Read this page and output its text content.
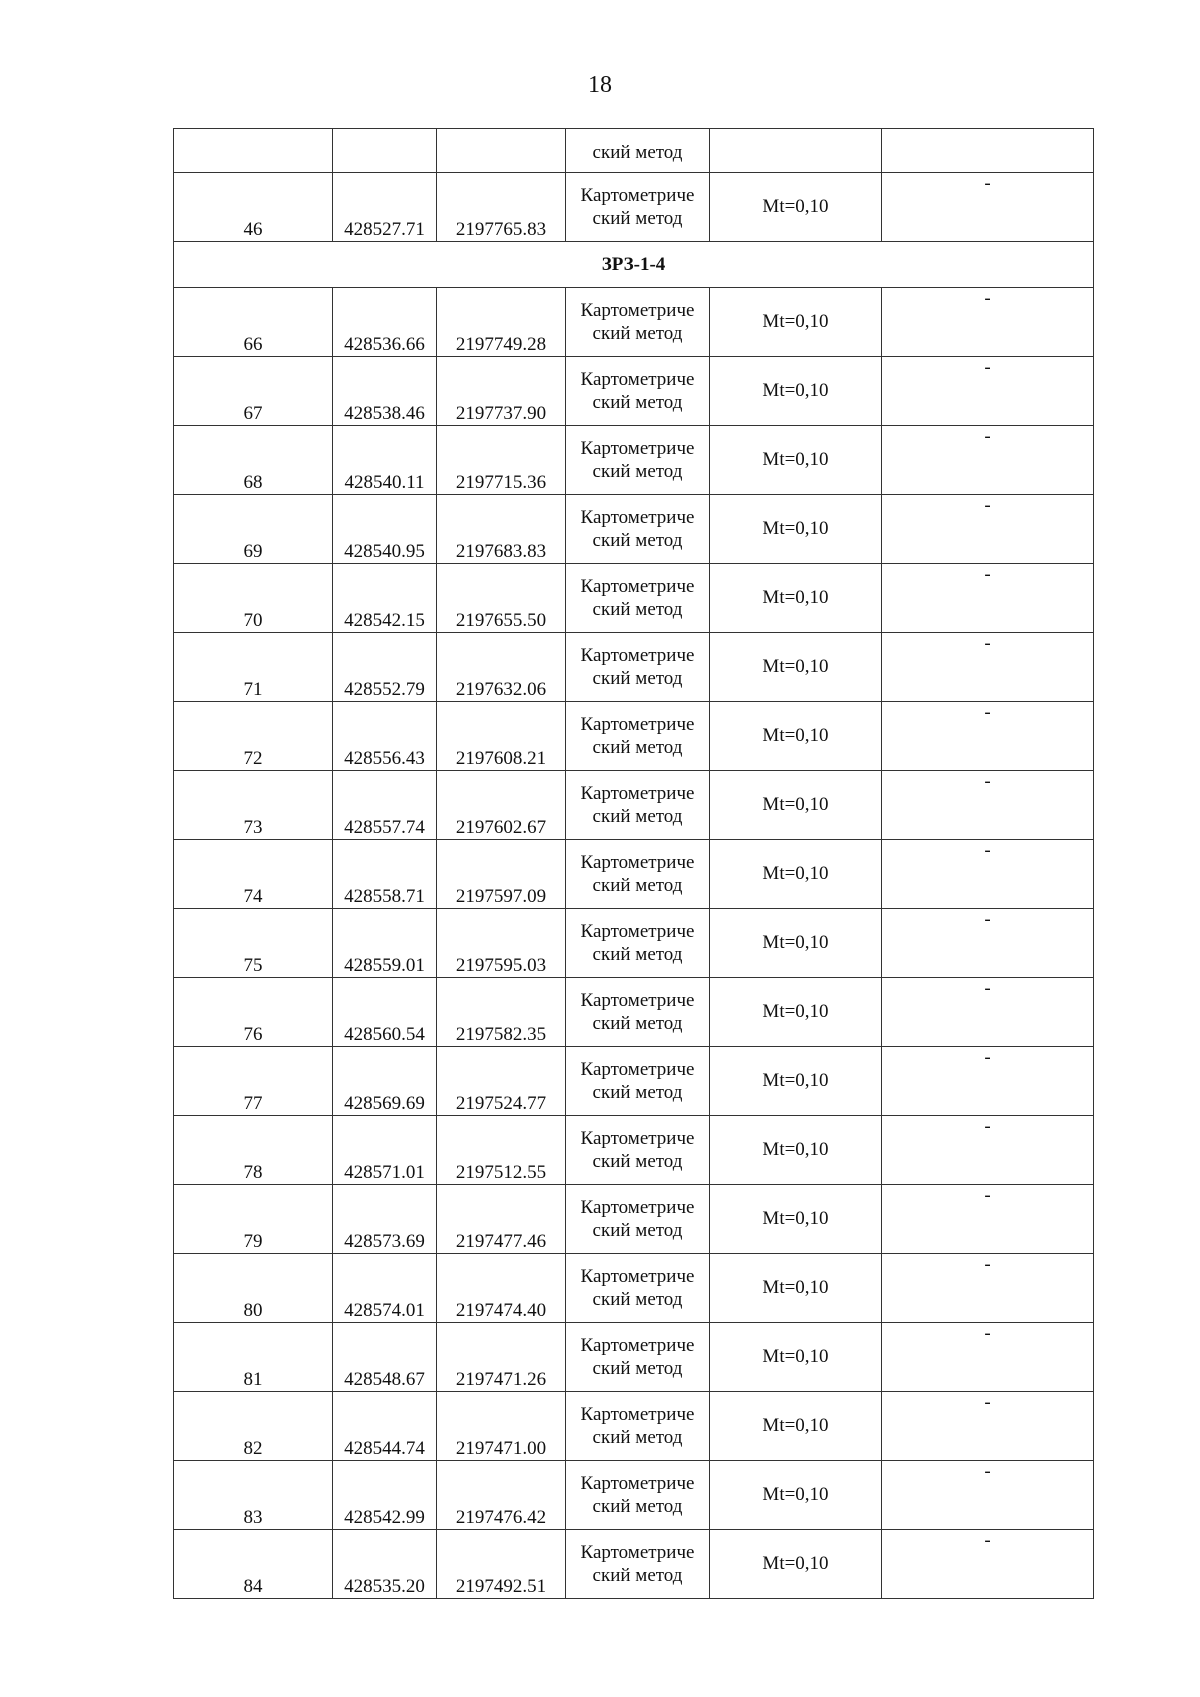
18

			ский метод		

46	428527.71	2197765.83	Картометриче
ский метод	Mt=0,10	-
ЗРЗ-1-4					
66	428536.66	2197749.28	Картометриче
ский метод	Mt=0,10	-
67	428538.46	2197737.90	Картометриче
ский метод	Mt=0,10	-
68	428540.11	2197715.36	Картометриче
ский метод	Mt=0,10	-
69	428540.95	2197683.83	Картометриче
ский метод	Mt=0,10	-
70	428542.15	2197655.50	Картометриче
ский метод	Mt=0,10	-
71	428552.79	2197632.06	Картометриче
ский метод	Mt=0,10	-
72	428556.43	2197608.21	Картометриче
ский метод	Mt=0,10	-
73	428557.74	2197602.67	Картометриче
ский метод	Mt=0,10	-
74	428558.71	2197597.09	Картометриче
ский метод	Mt=0,10	-
75	428559.01	2197595.03	Картометриче
ский метод	Mt=0,10	-
76	428560.54	2197582.35	Картометриче
ский метод	Mt=0,10	-
77	428569.69	2197524.77	Картометриче
ский метод	Mt=0,10	-
78	428571.01	2197512.55	Картометриче
ский метод	Mt=0,10	-
79	428573.69	2197477.46	Картометриче
ский метод	Mt=0,10	-
80	428574.01	2197474.40	Картометриче
ский метод	Mt=0,10	-
81	428548.67	2197471.26	Картометриче
ский метод	Mt=0,10	-
82	428544.74	2197471.00	Картометриче
ский метод	Mt=0,10	-
83	428542.99	2197476.42	Картометриче
ский метод	Mt=0,10	-
84	428535.20	2197492.51	Картометриче
ский метод	Mt=0,10	-
